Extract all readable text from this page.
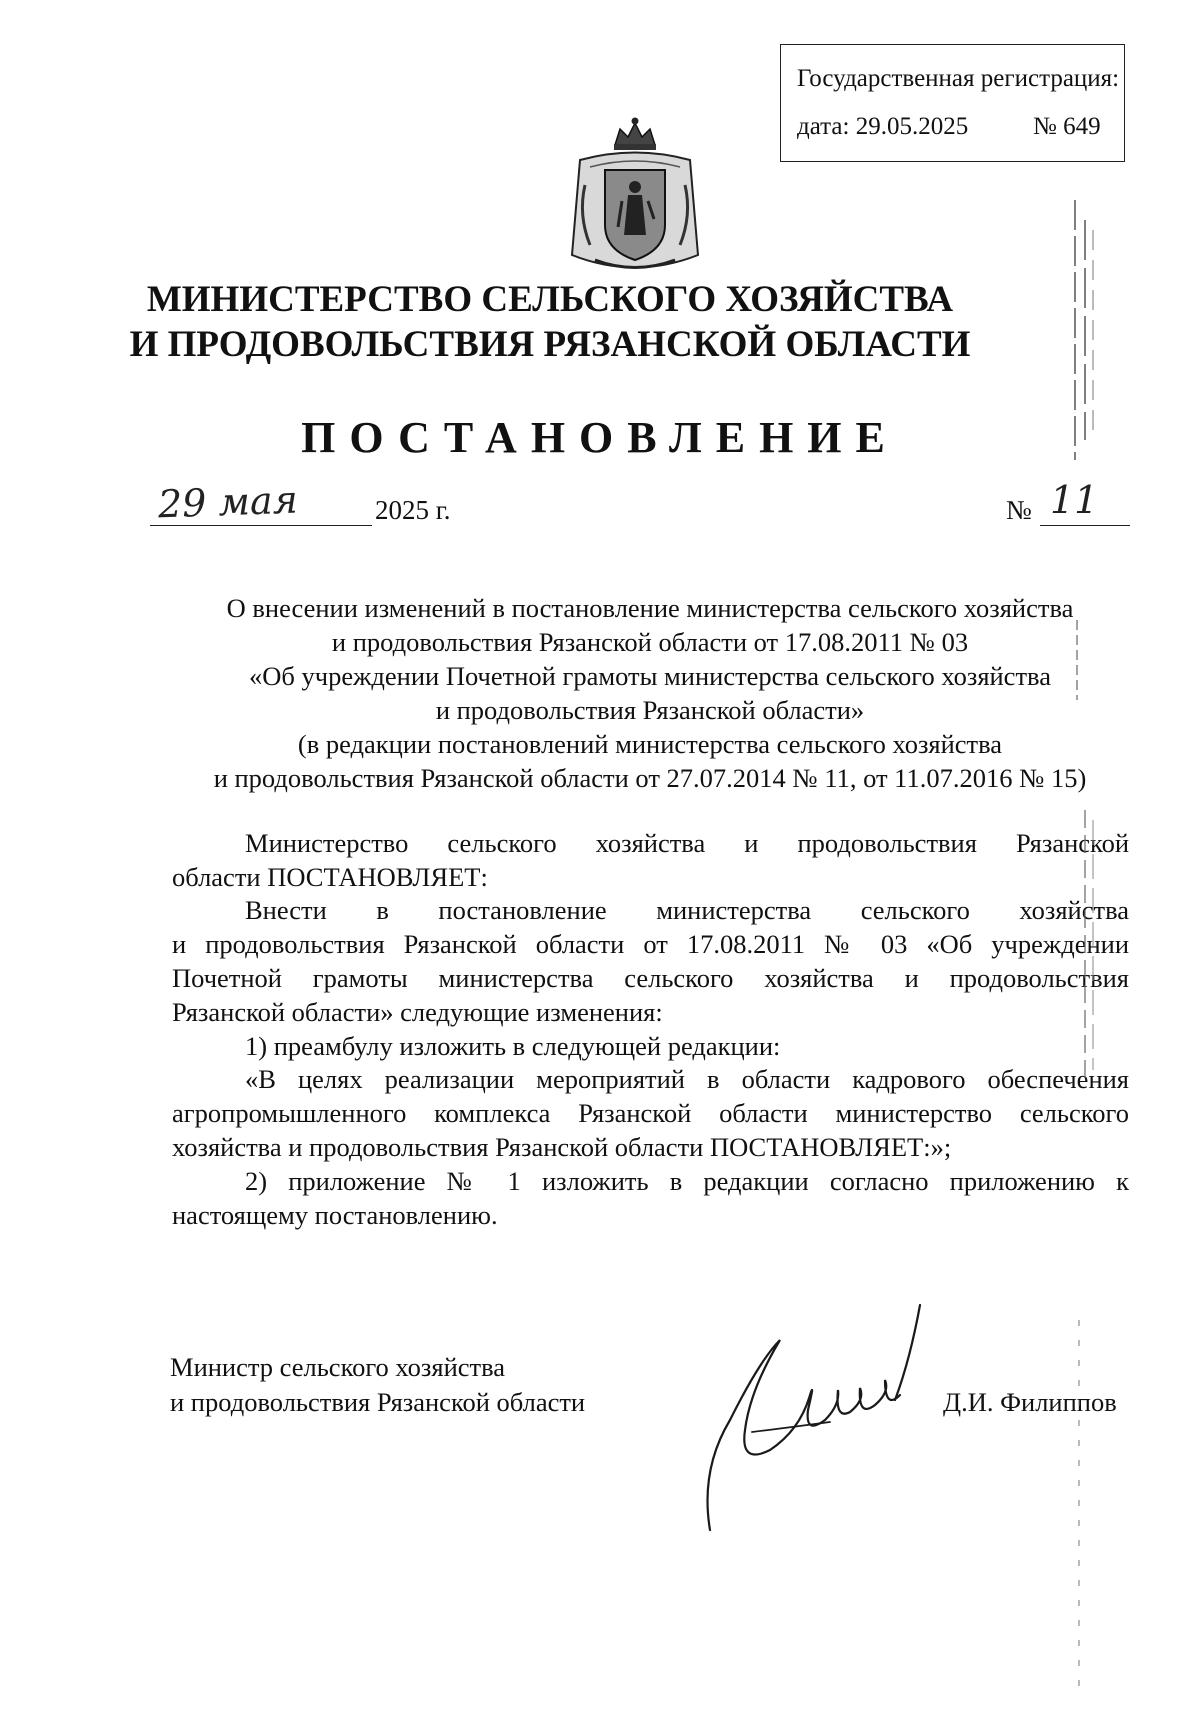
Государственная регистрация:
дата: 29.05.2025	№ 649
МИНИСТЕРСТВО СЕЛЬСКОГО ХОЗЯЙСТВА
И ПРОДОВОЛЬСТВИЯ РЯЗАНСКОЙ ОБЛАСТИ
ПОСТАНОВЛЕНИЕ
29 мая	2025 г.	№ 11
О внесении изменений в постановление министерства сельского хозяйства
и продовольствия Рязанской области от 17.08.2011 № 03
«Об учреждении Почетной грамоты министерства сельского хозяйства
и продовольствия Рязанской области»
(в редакции постановлений министерства сельского хозяйства
и продовольствия Рязанской области от 27.07.2014 № 11, от 11.07.2016 № 15)
Министерство сельского хозяйства и продовольствия Рязанской
области ПОСТАНОВЛЯЕТ:
Внести в постановление министерства сельского хозяйства
и продовольствия Рязанской области от 17.08.2011 № 03 «Об учреждении
Почетной грамоты министерства сельского хозяйства и продовольствия
Рязанской области» следующие изменения:
1) преамбулу изложить в следующей редакции:
«В целях реализации мероприятий в области кадрового обеспечения
агропромышленного комплекса Рязанской области министерство сельского
хозяйства и продовольствия Рязанской области ПОСТАНОВЛЯЕТ:»;
2) приложение № 1 изложить в редакции согласно приложению к
настоящему постановлению.
Министр сельского хозяйства
и продовольствия Рязанской области	Д.И. Филиппов
